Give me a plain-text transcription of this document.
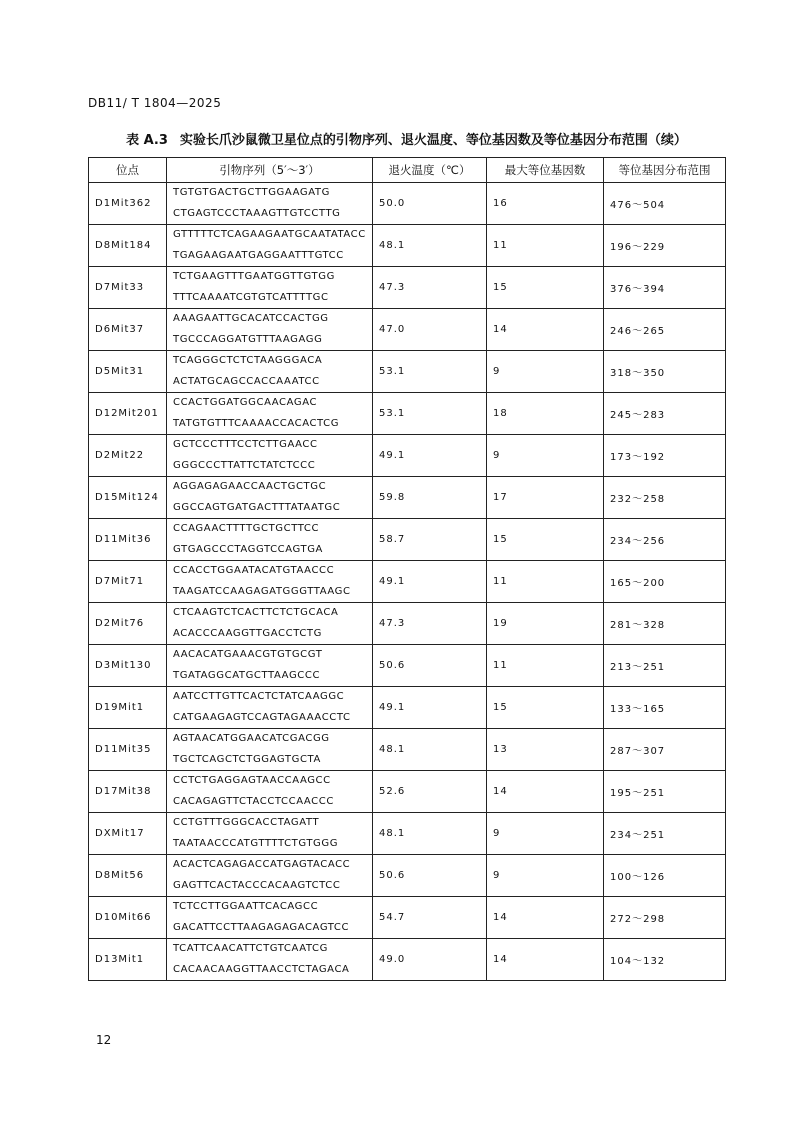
DB11/ T 1804—2025
表 A.3 实验长爪沙鼠微卫星位点的引物序列、退火温度、等位基因数及等位基因分布范围（续）
位点	引物序列（5′～3′）	退火温度（℃）	最大等位基因数	等位基因分布范围
D1Mit362	TGTGTGACTGCTTGGAAGATG
CTGAGTCCCTAAAGTTGTCCTTG	50.0	16	476～504
D8Mit184	GTTTTTCTCAGAAGAATGCAATATACC
TGAGAAGAATGAGGAATTTGTCC	48.1	11	196～229
D7Mit33	TCTGAAGTTTGAATGGTTGTGG
TTTCAAAATCGTGTCATTTTGC	47.3	15	376～394
D6Mit37	AAAGAATTGCACATCCACTGG
TGCCCAGGATGTTTAAGAGG	47.0	14	246～265
D5Mit31	TCAGGGCTCTCTAAGGGACA
ACTATGCAGCCACCAAATCC	53.1	9	318～350
D12Mit201	CCACTGGATGGCAACAGAC
TATGTGTTTCAAAACCACACTCG	53.1	18	245～283
D2Mit22	GCTCCCTTTCCTCTTGAACC
GGGCCCTTATTCTATCTCCC	49.1	9	173～192
D15Mit124	AGGAGAGAACCAACTGCTGC
GGCCAGTGATGACTTTATAATGC	59.8	17	232～258
D11Mit36	CCAGAACTTTTGCTGCTTCC
GTGAGCCCTAGGTCCAGTGA	58.7	15	234～256
D7Mit71	CCACCTGGAATACATGTAACCC
TAAGATCCAAGAGATGGGTTAAGC	49.1	11	165～200
D2Mit76	CTCAAGTCTCACTTCTCTGCACA
ACACCCAAGGTTGACCTCTG	47.3	19	281～328
D3Mit130	AACACATGAAACGTGTGCGT
TGATAGGCATGCTTAAGCCC	50.6	11	213～251
D19Mit1	AATCCTTGTTCACTCTATCAAGGC
CATGAAGAGTCCAGTAGAAACCTC	49.1	15	133～165
D11Mit35	AGTAACATGGAACATCGACGG
TGCTCAGCTCTGGAGTGCTA	48.1	13	287～307
D17Mit38	CCTCTGAGGAGTAACCAAGCC
CACAGAGTTCTACCTCCAACCC	52.6	14	195～251
DXMit17	CCTGTTTGGGCACCTAGATT
TAATAACCCATGTTTTCTGTGGG	48.1	9	234～251
D8Mit56	ACACTCAGAGACCATGAGTACACC
GAGTTCACTACCCACAAGTCTCC	50.6	9	100～126
D10Mit66	TCTCCTTGGAATTCACAGCC
GACATTCCTTAAGAGAGACAGTCC	54.7	14	272～298
D13Mit1	TCATTCAACATTCTGTCAATCG
CACAACAAGGTTAACCTCTAGACA	49.0	14	104～132
12
